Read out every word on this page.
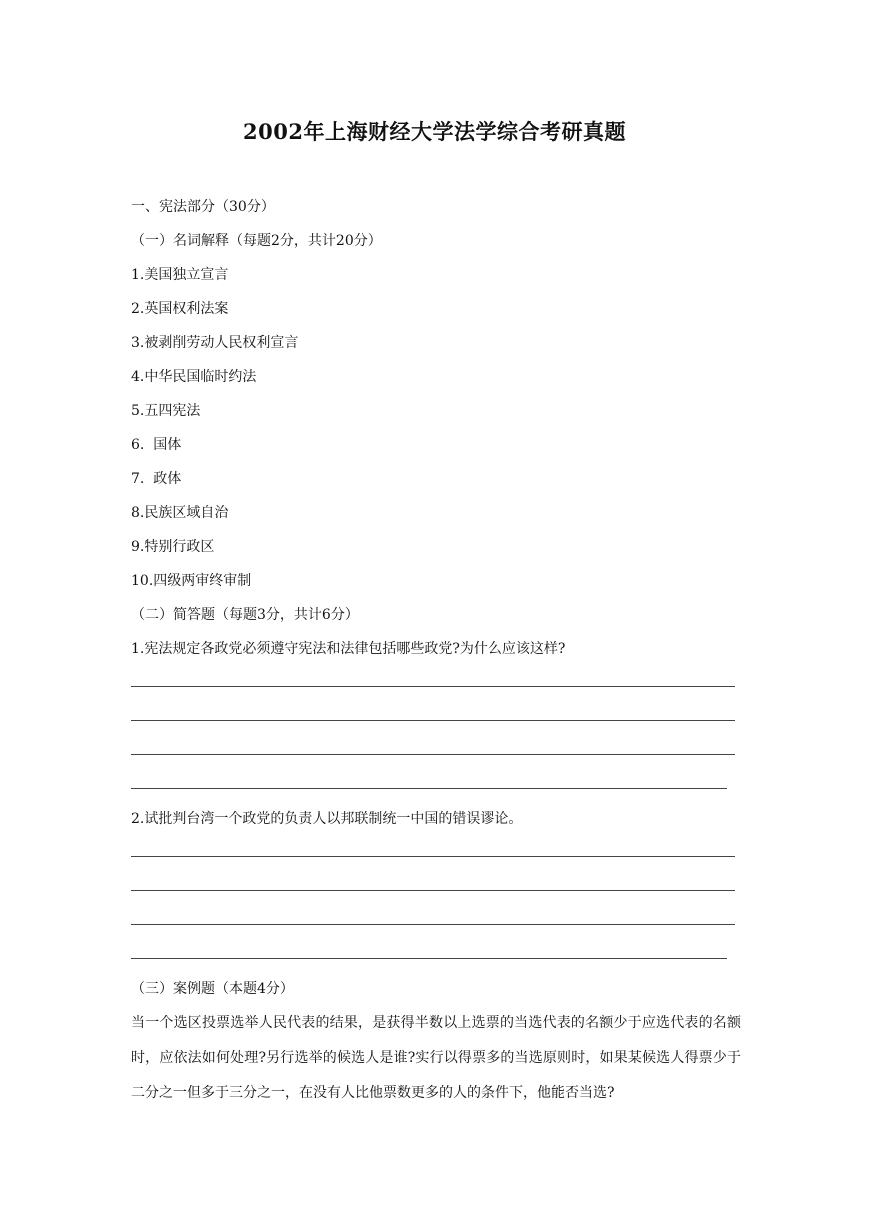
2002年上海财经大学法学综合考研真题
一、宪法部分（30分）
（一）名词解释（每题2分，共计20分）
1.美国独立宣言
2.英国权利法案
3.被剥削劳动人民权利宣言
4.中华民国临时约法
5.五四宪法
6.  国体
7.  政体
8.民族区域自治
9.特别行政区
10.四级两审终审制
（二）简答题（每题3分，共计6分）
1.宪法规定各政党必须遵守宪法和法律包括哪些政党?为什么应该这样?
2.试批判台湾一个政党的负责人以邦联制统一中国的错误谬论。
（三）案例题（本题4分）
当一个选区投票选举人民代表的结果，是获得半数以上选票的当选代表的名额少于应选代表的名额时，应依法如何处理?另行选举的候选人是谁?实行以得票多的当选原则时，如果某候选人得票少于二分之一但多于三分之一，在没有人比他票数更多的人的条件下，他能否当选?
